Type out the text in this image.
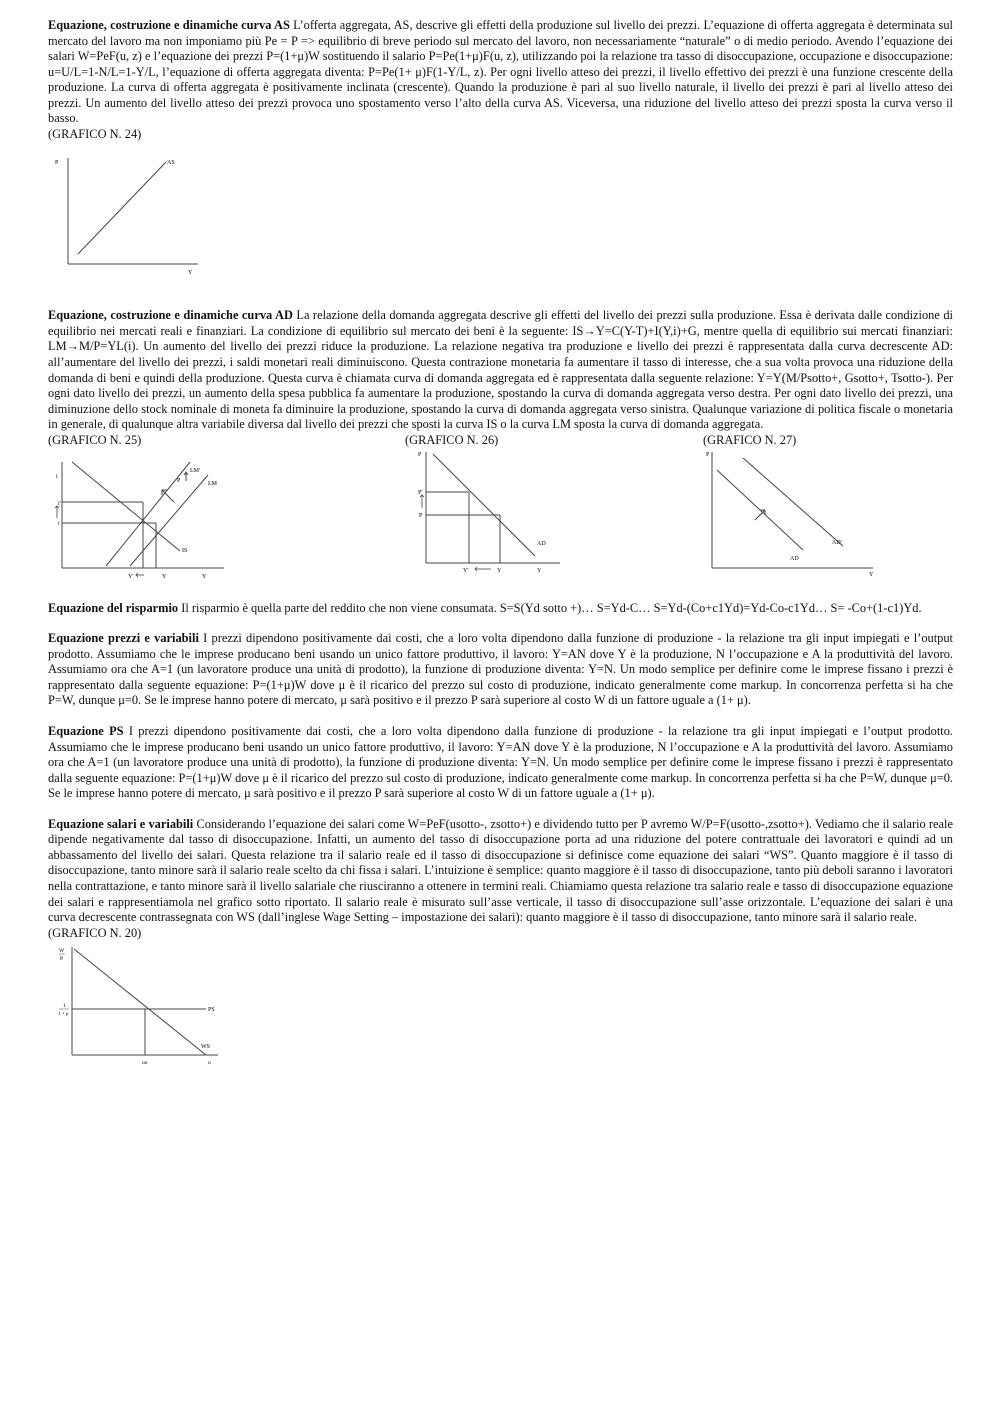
Equazione, costruzione e dinamiche curva AS L’offerta aggregata, AS, descrive gli effetti della produzione sul livello dei prezzi. L’equazione di offerta aggregata è determinata sul mercato del lavoro ma non imponiamo più Pe = P => equilibrio di breve periodo sul mercato del lavoro, non necessariamente “naturale” o di medio periodo. Avendo l’equazione dei salari W=PeF(u, z) e l’equazione dei prezzi P=(1+μ)W sostituendo il salario P=Pe(1+μ)F(u, z), utilizzando poi la relazione tra tasso di disoccupazione, occupazione e disoccupazione: u=U/L=1-N/L=1-Y/L, l’equazione di offerta aggregata diventa: P=Pe(1+ μ)F(1-Y/L, z). Per ogni livello atteso dei prezzi, il livello effettivo dei prezzi è una funzione crescente della produzione. La curva di offerta aggregata è positivamente inclinata (crescente). Quando la produzione è pari al suo livello naturale, il livello dei prezzi è pari al livello atteso dei prezzi. Un aumento del livello atteso dei prezzi provoca uno spostamento verso l’alto della curva AS. Viceversa, una riduzione del livello atteso dei prezzi sposta la curva verso il basso.

(GRAFICO N. 24)

P	AS
Y

Equazione, costruzione e dinamiche curva AD La relazione della domanda aggregata descrive gli effetti del livello dei prezzi sulla produzione. Essa è derivata dalle condizione di equilibrio nei mercati reali e finanziari. La condizione di equilibrio sul mercato dei beni è la seguente: IS→Y=C(Y-T)+I(Y,i)+G, mentre quella di equilibrio sui mercati finanziari: LM→M/P=YL(i). Un aumento del livello dei prezzi riduce la produzione. La relazione negativa tra produzione e livello dei prezzi è rappresentata dalla curva decrescente AD: all’aumentare del livello dei prezzi, i saldi monetari reali diminuiscono. Questa contrazione monetaria fa aumentare il tasso di interesse, che a sua volta provoca una riduzione della domanda di beni e quindi della produzione. Questa curva è chiamata curva di domanda aggregata ed è rappresentata dalla seguente relazione: Y=Y(M/Psotto+, Gsotto+, Tsotto-). Per ogni dato livello dei prezzi, un aumento della spesa pubblica fa aumentare la produzione, spostando la curva di domanda aggregata verso destra. Per ogni dato livello dei prezzi, una diminuzione dello stock nominale di moneta fa diminuire la produzione, spostando la curva di domanda aggregata verso sinistra. Qualunque variazione di politica fiscale o monetaria in generale, di qualunque altra variabile diversa dal livello dei prezzi che sposti la curva IS o la curva LM sposta la curva di domanda aggregata.

(GRAFICO N. 25)

i
i'
i
LM'
LM
P
IS
Y'	Y	Y

(GRAFICO N. 26)

P
P'
P
AD
Y'	Y	Y

(GRAFICO N. 27)

P
AD'
AD
Y

Equazione del risparmio Il risparmio è quella parte del reddito che non viene consumata. S=S(Yd sotto +)… S=Yd-C… S=Yd-(Co+c1Yd)=Yd-Co-c1Yd… S= -Co+(1-c1)Yd.

Equazione prezzi e variabili I prezzi dipendono positivamente dai costi, che a loro volta dipendono dalla funzione di produzione - la relazione tra gli input impiegati e l’output prodotto. Assumiamo che le imprese producano beni usando un unico fattore produttivo, il lavoro: Y=AN dove Y è la produzione, N l’occupazione e A la produttività del lavoro. Assumiamo ora che A=1 (un lavoratore produce una unità di prodotto), la funzione di produzione diventa: Y=N. Un modo semplice per definire come le imprese fissano i prezzi è rappresentato dalla seguente equazione: P=(1+μ)W dove μ è il ricarico del prezzo sul costo di produzione, indicato generalmente come markup. In concorrenza perfetta si ha che P=W, dunque μ=0. Se le imprese hanno potere di mercato, μ sarà positivo e il prezzo P sarà superiore al costo W di un fattore uguale a (1+ μ).

Equazione PS I prezzi dipendono positivamente dai costi, che a loro volta dipendono dalla funzione di produzione - la relazione tra gli input impiegati e l’output prodotto. Assumiamo che le imprese producano beni usando un unico fattore produttivo, il lavoro: Y=AN dove Y è la produzione, N l’occupazione e A la produttività del lavoro. Assumiamo ora che A=1 (un lavoratore produce una unità di prodotto), la funzione di produzione diventa: Y=N. Un modo semplice per definire come le imprese fissano i prezzi è rappresentato dalla seguente equazione: P=(1+μ)W dove μ è il ricarico del prezzo sul costo di produzione, indicato generalmente come markup. In concorrenza perfetta si ha che P=W, dunque μ=0. Se le imprese hanno potere di mercato, μ sarà positivo e il prezzo P sarà superiore al costo W di un fattore uguale a (1+ μ).

Equazione salari e variabili Considerando l’equazione dei salari come W=PeF(usotto-, zsotto+) e dividendo tutto per P avremo W/P=F(usotto-,zsotto+). Vediamo che il salario reale dipende negativamente dal tasso di disoccupazione. Infatti, un aumento del tasso di disoccupazione porta ad una riduzione del potere contrattuale dei lavoratori e quindi ad un abbassamento del livello dei salari. Questa relazione tra il salario reale ed il tasso di disoccupazione si definisce come equazione dei salari “WS”. Quanto maggiore è il tasso di disoccupazione, tanto minore sarà il salario reale scelto da chi fissa i salari. L’intuizione è semplice: quanto maggiore è il tasso di disoccupazione, tanto più deboli saranno i lavoratori nella contrattazione, e tanto minore sarà il livello salariale che riusciranno a ottenere in termini reali. Chiamiamo questa relazione tra salario reale e tasso di disoccupazione equazione dei salari e rappresentiamola nel grafico sotto riportato. Il salario reale è misurato sull’asse verticale, il tasso di disoccupazione sull’asse orizzontale. L’equazione dei salari è una curva decrescente contrassegnata con WS (dall’inglese Wage Setting – impostazione dei salari): quanto maggiore è il tasso di disoccupazione, tanto minore sarà il salario reale.

(GRAFICO N. 20)

W
P
1
1 + μ
PS
WS
un	u
